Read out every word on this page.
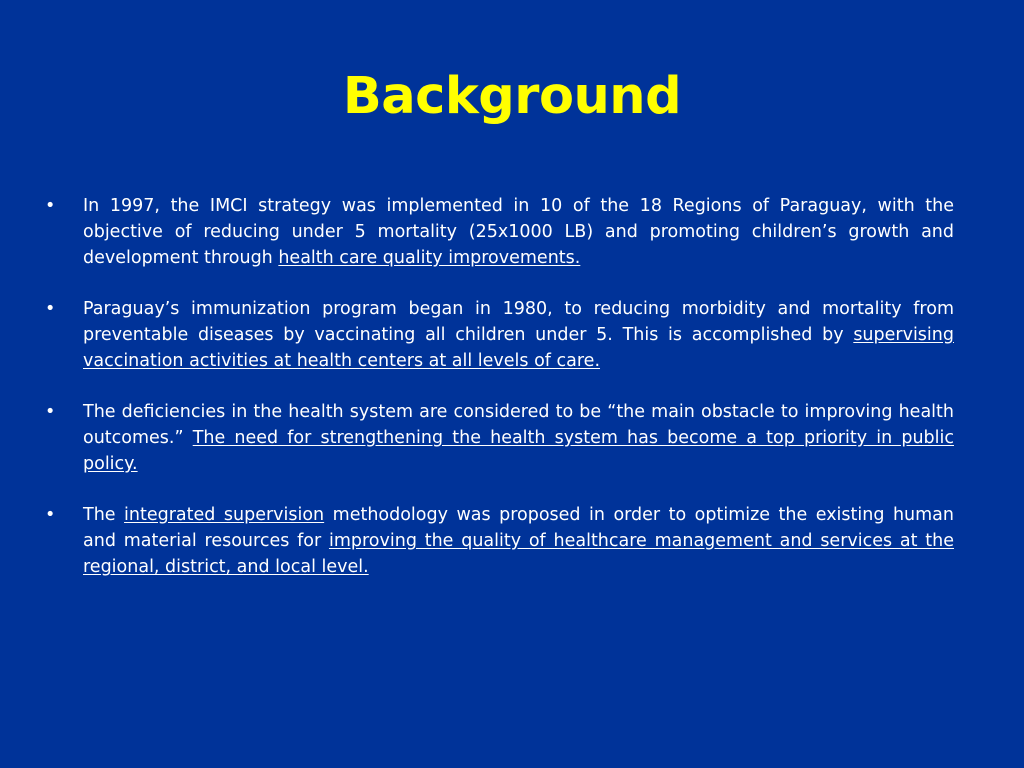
Background
•	In 1997, the IMCI strategy was implemented in 10 of the 18 Regions of Paraguay, with the objective of reducing under 5 mortality (25x1000 LB) and promoting children’s growth and development through health care quality improvements.
•	Paraguay’s immunization program began in 1980, to reducing morbidity and mortality from preventable diseases by vaccinating all children under 5. This is accomplished by supervising vaccination activities at health centers at all levels of care.
•	The deficiencies in the health system are considered to be “the main obstacle to improving health outcomes.” The need for strengthening the health system has become a top priority in public policy.
•	The integrated supervision methodology was proposed in order to optimize the existing human and material resources for improving the quality of healthcare management and services at the regional, district, and local level.
